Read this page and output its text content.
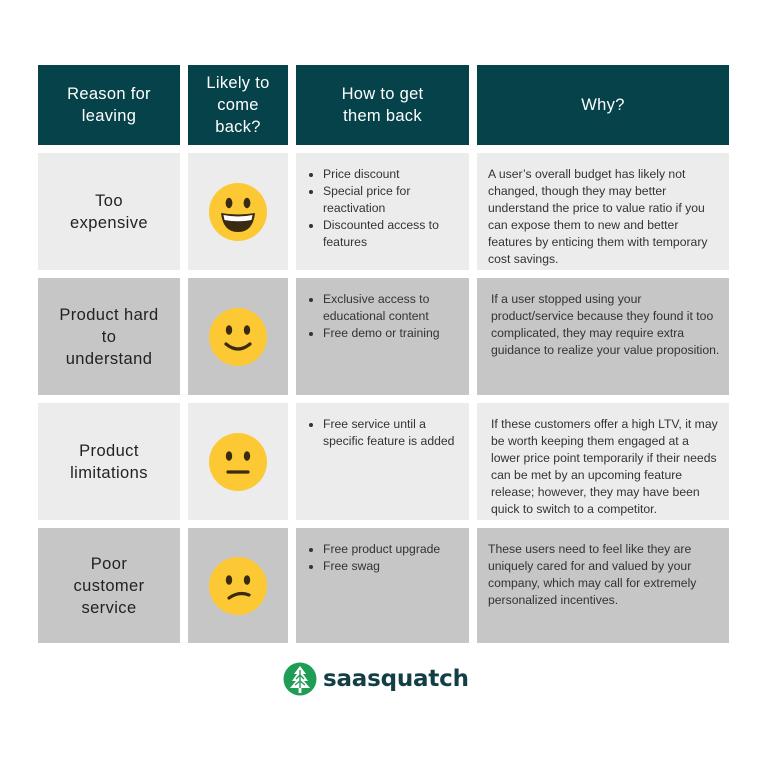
Reason for leaving
Likely to come back?
How to get them back
Why?
Too expensive
• Price discount
• Special price for reactivation
• Discounted access to features
A user’s overall budget has likely not changed, though they may better understand the price to value ratio if you can expose them to new and better features by enticing them with temporary cost savings.
Product hard to understand
• Exclusive access to educational content
• Free demo or training
If a user stopped using your product/service because they found it too complicated, they may require extra guidance to realize your value proposition.
Product limitations
• Free service until a specific feature is added
If these customers offer a high LTV, it may be worth keeping them engaged at a lower price point temporarily if their needs can be met by an upcoming feature release; however, they may have been quick to switch to a competitor.
Poor customer service
• Free product upgrade
• Free swag
These users need to feel like they are uniquely cared for and valued by your company, which may call for extremely personalized incentives.
saasquatch
